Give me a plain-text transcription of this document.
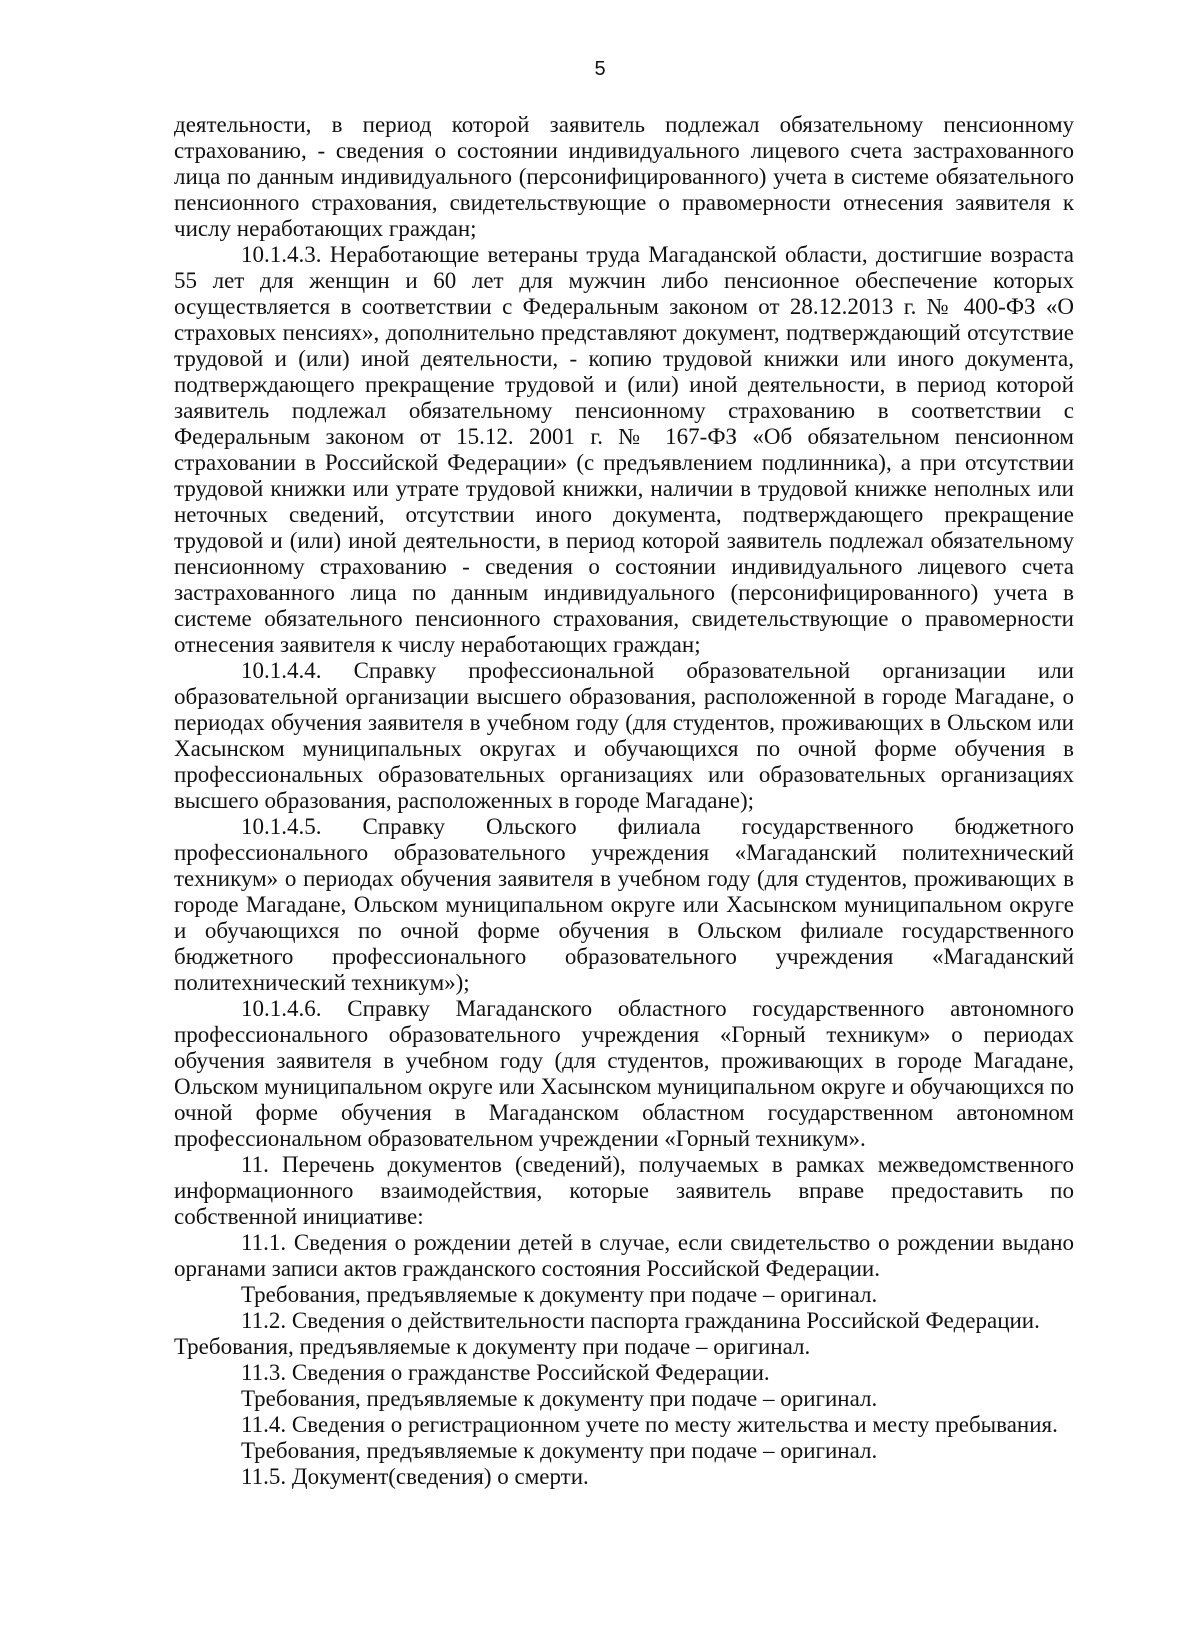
5

деятельности, в период которой заявитель подлежал обязательному пенсионному страхованию, - сведения о состоянии индивидуального лицевого счета застрахованного лица по данным индивидуального (персонифицированного) учета в системе обязательного пенсионного страхования, свидетельствующие о правомерности отнесения заявителя к числу неработающих граждан;

10.1.4.3. Неработающие ветераны труда Магаданской области, достигшие возраста 55 лет для женщин и 60 лет для мужчин либо пенсионное обеспечение которых осуществляется в соответствии с Федеральным законом от 28.12.2013 г. № 400-ФЗ «О страховых пенсиях», дополнительно представляют документ, подтверждающий отсутствие трудовой и (или) иной деятельности, - копию трудовой книжки или иного документа, подтверждающего прекращение трудовой и (или) иной деятельности, в период которой заявитель подлежал обязательному пенсионному страхованию в соответствии с Федеральным законом от 15.12. 2001 г. № 167-ФЗ «Об обязательном пенсионном страховании в Российской Федерации» (с предъявлением подлинника), а при отсутствии трудовой книжки или утрате трудовой книжки, наличии в трудовой книжке неполных или неточных сведений, отсутствии иного документа, подтверждающего прекращение трудовой и (или) иной деятельности, в период которой заявитель подлежал обязательному пенсионному страхованию - сведения о состоянии индивидуального лицевого счета застрахованного лица по данным индивидуального (персонифицированного) учета в системе обязательного пенсионного страхования, свидетельствующие о правомерности отнесения заявителя к числу неработающих граждан;

10.1.4.4. Справку профессиональной образовательной организации или образовательной организации высшего образования, расположенной в городе Магадане, о периодах обучения заявителя в учебном году (для студентов, проживающих в Ольском или Хасынском муниципальных округах и обучающихся по очной форме обучения в профессиональных образовательных организациях или образовательных организациях высшего образования, расположенных в городе Магадане);

10.1.4.5. Справку Ольского филиала государственного бюджетного профессионального образовательного учреждения «Магаданский политехнический техникум» о периодах обучения заявителя в учебном году (для студентов, проживающих в городе Магадане, Ольском муниципальном округе или Хасынском муниципальном округе и обучающихся по очной форме обучения в Ольском филиале государственного бюджетного профессионального образовательного учреждения «Магаданский политехнический техникум»);

10.1.4.6. Справку Магаданского областного государственного автономного профессионального образовательного учреждения «Горный техникум» о периодах обучения заявителя в учебном году (для студентов, проживающих в городе Магадане, Ольском муниципальном округе или Хасынском муниципальном округе и обучающихся по очной форме обучения в Магаданском областном государственном автономном профессиональном образовательном учреждении «Горный техникум».

11. Перечень документов (сведений), получаемых в рамках межведомственного информационного взаимодействия, которые заявитель вправе предоставить по собственной инициативе:

11.1. Сведения о рождении детей в случае, если свидетельство о рождении выдано органами записи актов гражданского состояния Российской Федерации.

Требования, предъявляемые к документу при подаче – оригинал.

11.2. Сведения о действительности паспорта гражданина Российской Федерации.

Требования, предъявляемые к документу при подаче – оригинал.

11.3. Сведения о гражданстве Российской Федерации.

Требования, предъявляемые к документу при подаче – оригинал.

11.4. Сведения о регистрационном учете по месту жительства и месту пребывания.

Требования, предъявляемые к документу при подаче – оригинал.

11.5. Документ(сведения) о смерти.
